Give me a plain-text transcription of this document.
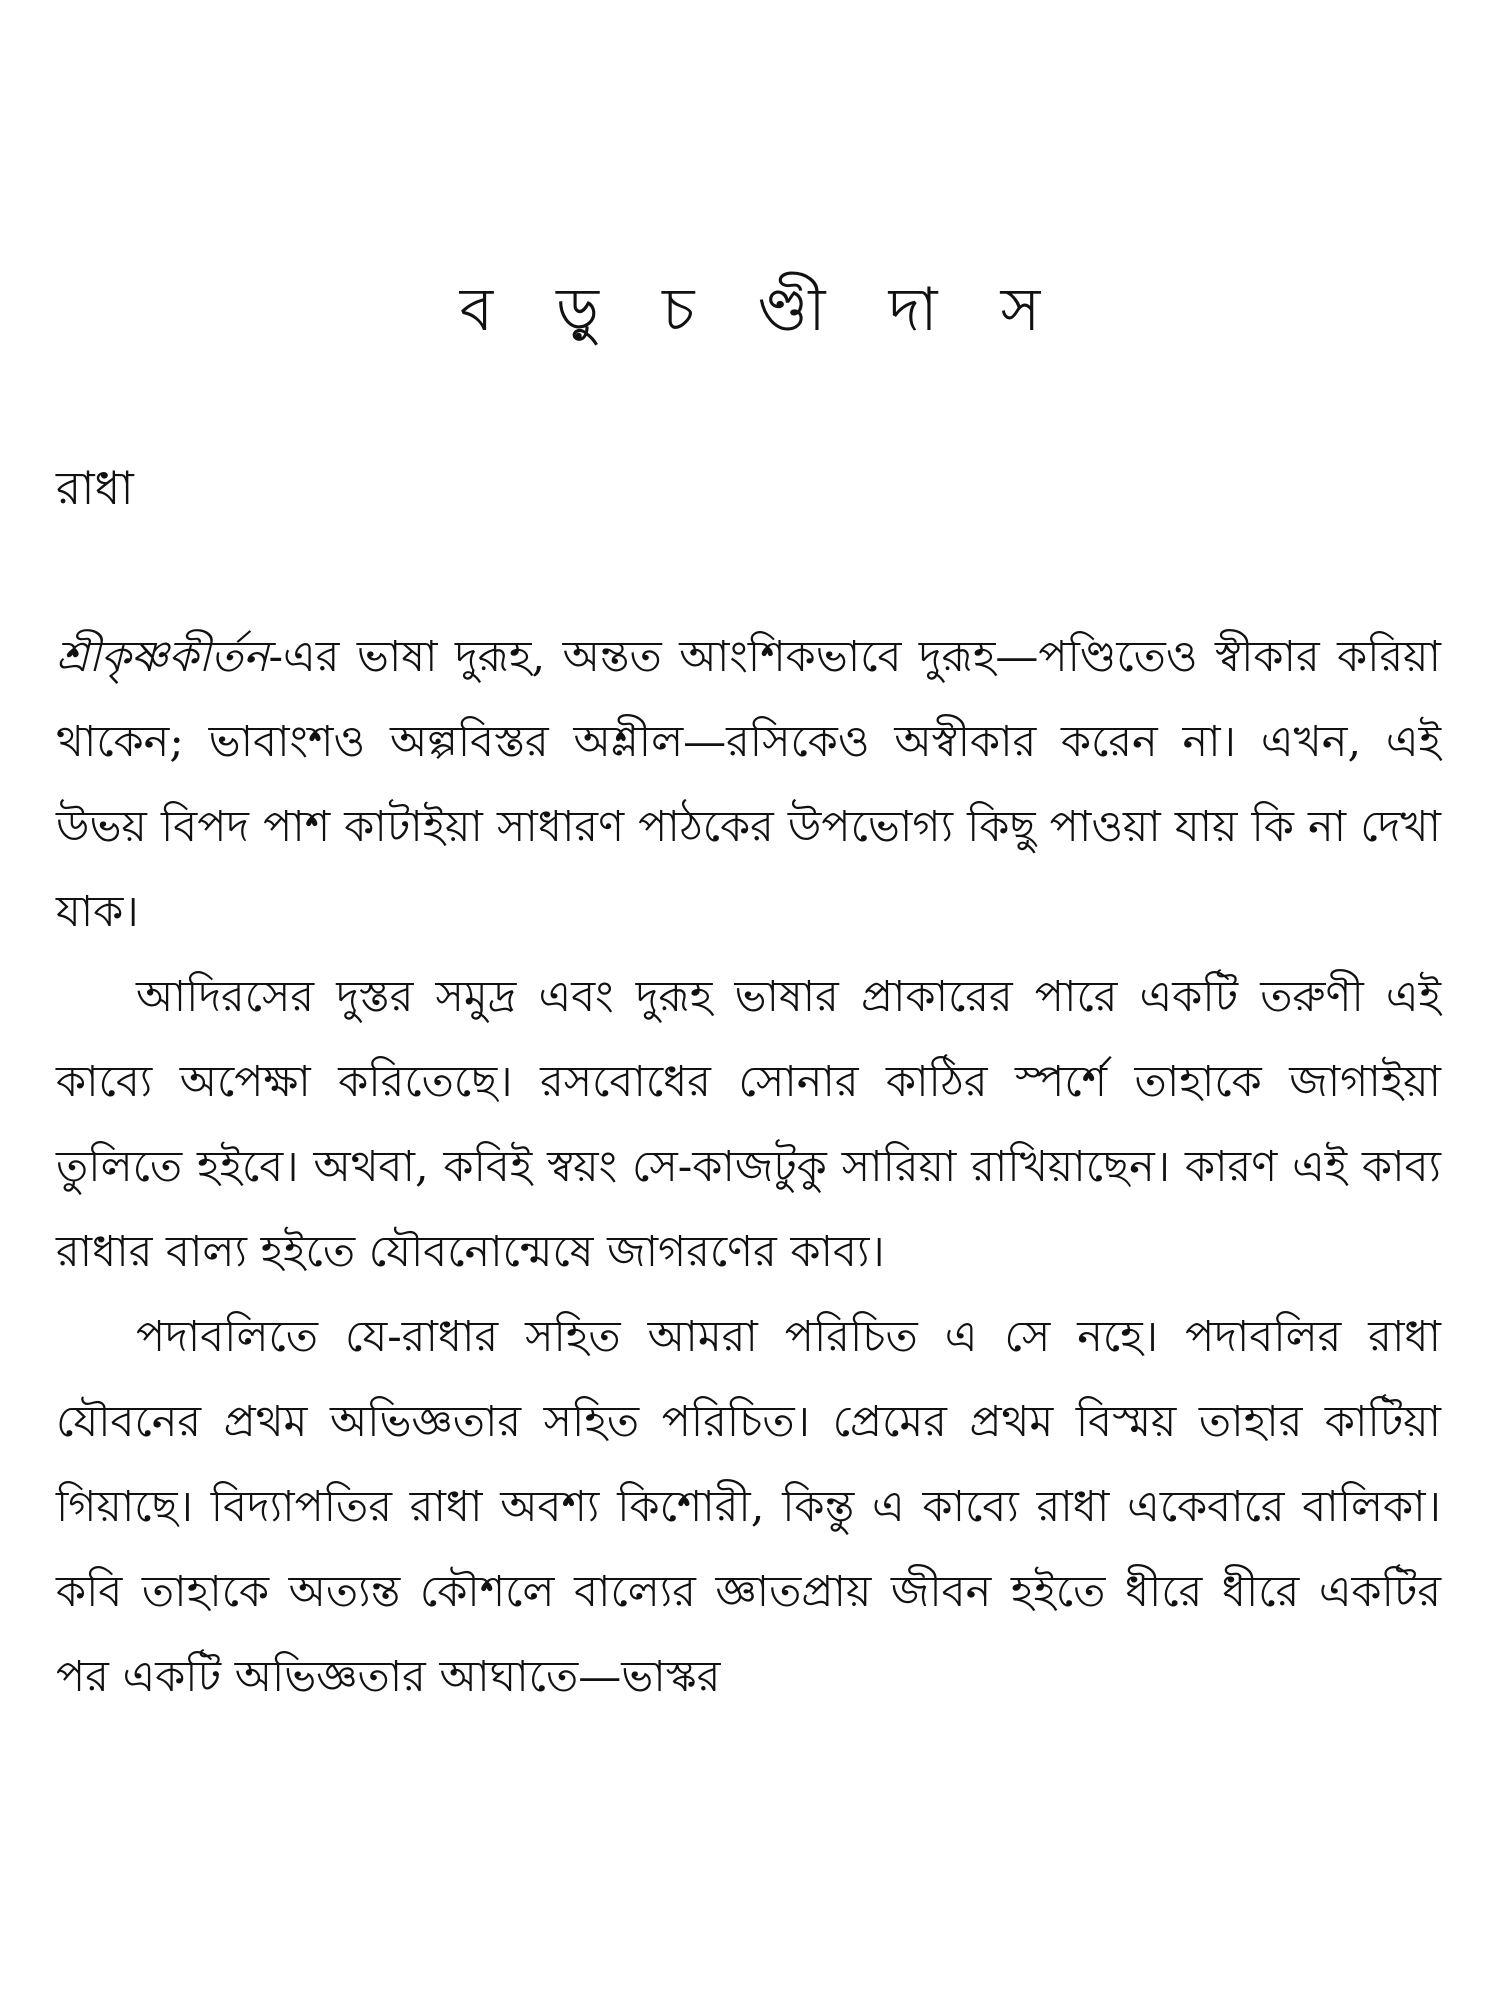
ব ড়ু চ ণ্ডী দা স
রাধা

শ্রীকৃষ্ণকীর্তন-এর ভাষা দুরূহ, অন্তত আংশিকভাবে দুরূহ—পণ্ডিতেও স্বীকার করিয়া থাকেন; ভাবাংশও অল্পবিস্তর অশ্লীল—রসিকেও অস্বীকার করেন না। এখন, এই উভয় বিপদ পাশ কাটাইয়া সাধারণ পাঠকের উপভোগ্য কিছু পাওয়া যায় কি না দেখা যাক।

আদিরসের দুস্তর সমুদ্র এবং দুরূহ ভাষার প্রাকারের পারে একটি তরুণী এই কাব্যে অপেক্ষা করিতেছে। রসবোধের সোনার কাঠির স্পর্শে তাহাকে জাগাইয়া তুলিতে হইবে। অথবা, কবিই স্বয়ং সে-কাজটুকু সারিয়া রাখিয়াছেন। কারণ এই কাব্য রাধার বাল্য হইতে যৌবনোন্মেষে জাগরণের কাব্য।

পদাবলিতে যে-রাধার সহিত আমরা পরিচিত এ সে নহে। পদাবলির রাধা যৌবনের প্রথম অভিজ্ঞতার সহিত পরিচিত। প্রেমের প্রথম বিস্ময় তাহার কাটিয়া গিয়াছে। বিদ্যাপতির রাধা অবশ্য কিশোরী, কিন্তু এ কাব্যে রাধা একেবারে বালিকা। কবি তাহাকে অত্যন্ত কৌশলে বাল্যের জ্ঞাতপ্রায় জীবন হইতে ধীরে ধীরে একটির পর একটি অভিজ্ঞতার আঘাতে—ভাস্কর
